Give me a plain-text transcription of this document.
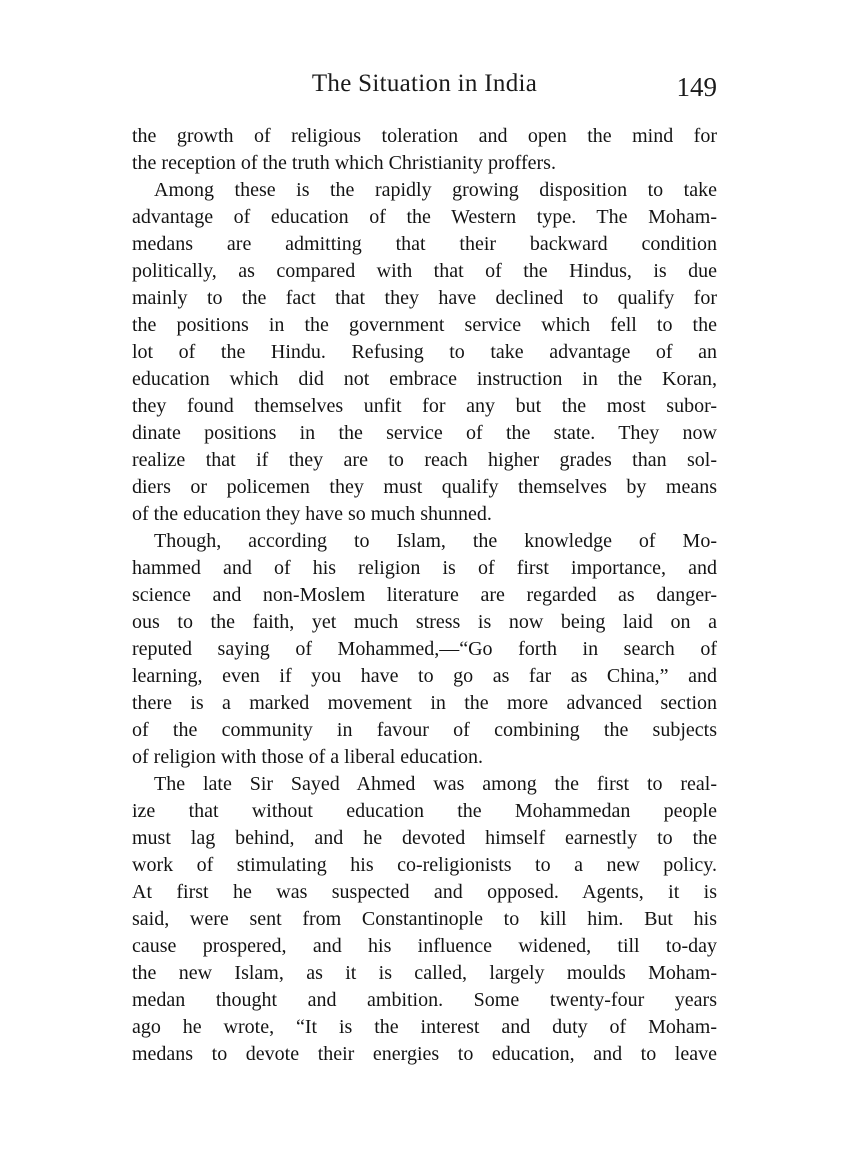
The Situation in India	149
the growth of religious toleration and open the mind for
the reception of the truth which Christianity proffers.
Among these is the rapidly growing disposition to take
advantage of education of the Western type. The Moham-
medans are admitting that their backward condition
politically, as compared with that of the Hindus, is due
mainly to the fact that they have declined to qualify for
the positions in the government service which fell to the
lot of the Hindu. Refusing to take advantage of an
education which did not embrace instruction in the Koran,
they found themselves unfit for any but the most subor-
dinate positions in the service of the state. They now
realize that if they are to reach higher grades than sol-
diers or policemen they must qualify themselves by means
of the education they have so much shunned.
Though, according to Islam, the knowledge of Mo-
hammed and of his religion is of first importance, and
science and non-Moslem literature are regarded as danger-
ous to the faith, yet much stress is now being laid on a
reputed saying of Mohammed,—“Go forth in search of
learning, even if you have to go as far as China,” and
there is a marked movement in the more advanced section
of the community in favour of combining the subjects
of religion with those of a liberal education.
The late Sir Sayed Ahmed was among the first to real-
ize that without education the Mohammedan people
must lag behind, and he devoted himself earnestly to the
work of stimulating his co-religionists to a new policy.
At first he was suspected and opposed. Agents, it is
said, were sent from Constantinople to kill him. But his
cause prospered, and his influence widened, till to-day
the new Islam, as it is called, largely moulds Moham-
medan thought and ambition. Some twenty-four years
ago he wrote, “It is the interest and duty of Moham-
medans to devote their energies to education, and to leave
